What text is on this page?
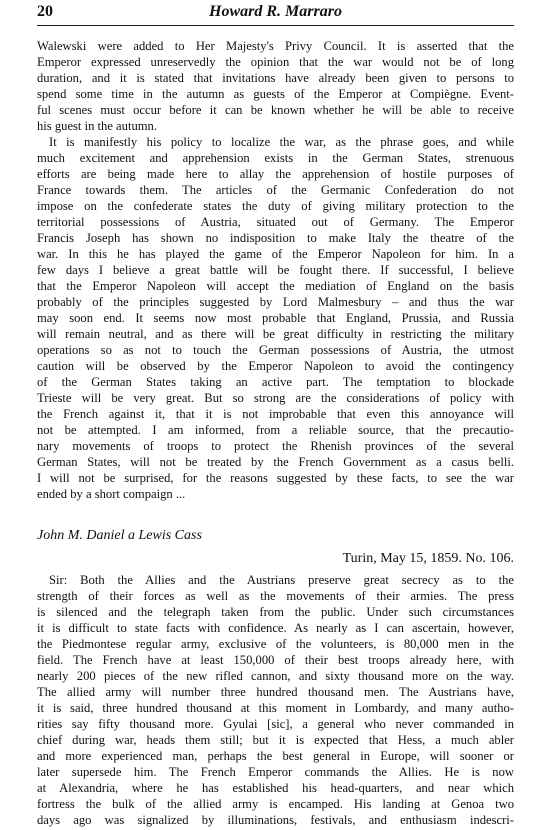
20	Howard R. Marraro
Walewski were added to Her Majesty's Privy Council. It is asserted that the
Emperor expressed unreservedly the opinion that the war would not be of long
duration, and it is stated that invitations have already been given to persons to
spend some time in the autumn as guests of the Emperor at Compiègne. Event-
ful scenes must occur before it can be known whether he will be able to receive
his guest in the autumn.
It is manifestly his policy to localize the war, as the phrase goes, and while
much excitement and apprehension exists in the German States, strenuous
efforts are being made here to allay the apprehension of hostile purposes of
France towards them. The articles of the Germanic Confederation do not
impose on the confederate states the duty of giving military protection to the
territorial possessions of Austria, situated out of Germany. The Emperor
Francis Joseph has shown no indisposition to make Italy the theatre of the
war. In this he has played the game of the Emperor Napoleon for him. In a
few days I believe a great battle will be fought there. If successful, I believe
that the Emperor Napoleon will accept the mediation of England on the basis
probably of the principles suggested by Lord Malmesbury – and thus the war
may soon end. It seems now most probable that England, Prussia, and Russia
will remain neutral, and as there will be great difficulty in restricting the military
operations so as not to touch the German possessions of Austria, the utmost
caution will be observed by the Emperor Napoleon to avoid the contingency
of the German States taking an active part. The temptation to blockade
Trieste will be very great. But so strong are the considerations of policy with
the French against it, that it is not improbable that even this annoyance will
not be attempted. I am informed, from a reliable source, that the precautio-
nary movements of troops to protect the Rhenish provinces of the several
German States, will not be treated by the French Government as a casus belli.
I will not be surprised, for the reasons suggested by these facts, to see the war
ended by a short compaign ...
John M. Daniel a Lewis Cass
Turin, May 15, 1859. No. 106.
Sir: Both the Allies and the Austrians preserve great secrecy as to the
strength of their forces as well as the movements of their armies. The press
is silenced and the telegraph taken from the public. Under such circumstances
it is difficult to state facts with confidence. As nearly as I can ascertain, however,
the Piedmontese regular army, exclusive of the volunteers, is 80,000 men in the
field. The French have at least 150,000 of their best troops already here, with
nearly 200 pieces of the new rifled cannon, and sixty thousand more on the way.
The allied army will number three hundred thousand men. The Austrians have,
it is said, three hundred thousand at this moment in Lombardy, and many autho-
rities say fifty thousand more. Gyulai [sic], a general who never commanded in
chief during war, heads them still; but it is expected that Hess, a much abler
and more experienced man, perhaps the best general in Europe, will sooner or
later supersede him. The French Emperor commands the Allies. He is now
at Alexandria, where he has established his head-quarters, and near which
fortress the bulk of the allied army is encamped. His landing at Genoa two
days ago was signalized by illuminations, festivals, and enthusiasm indescri-
